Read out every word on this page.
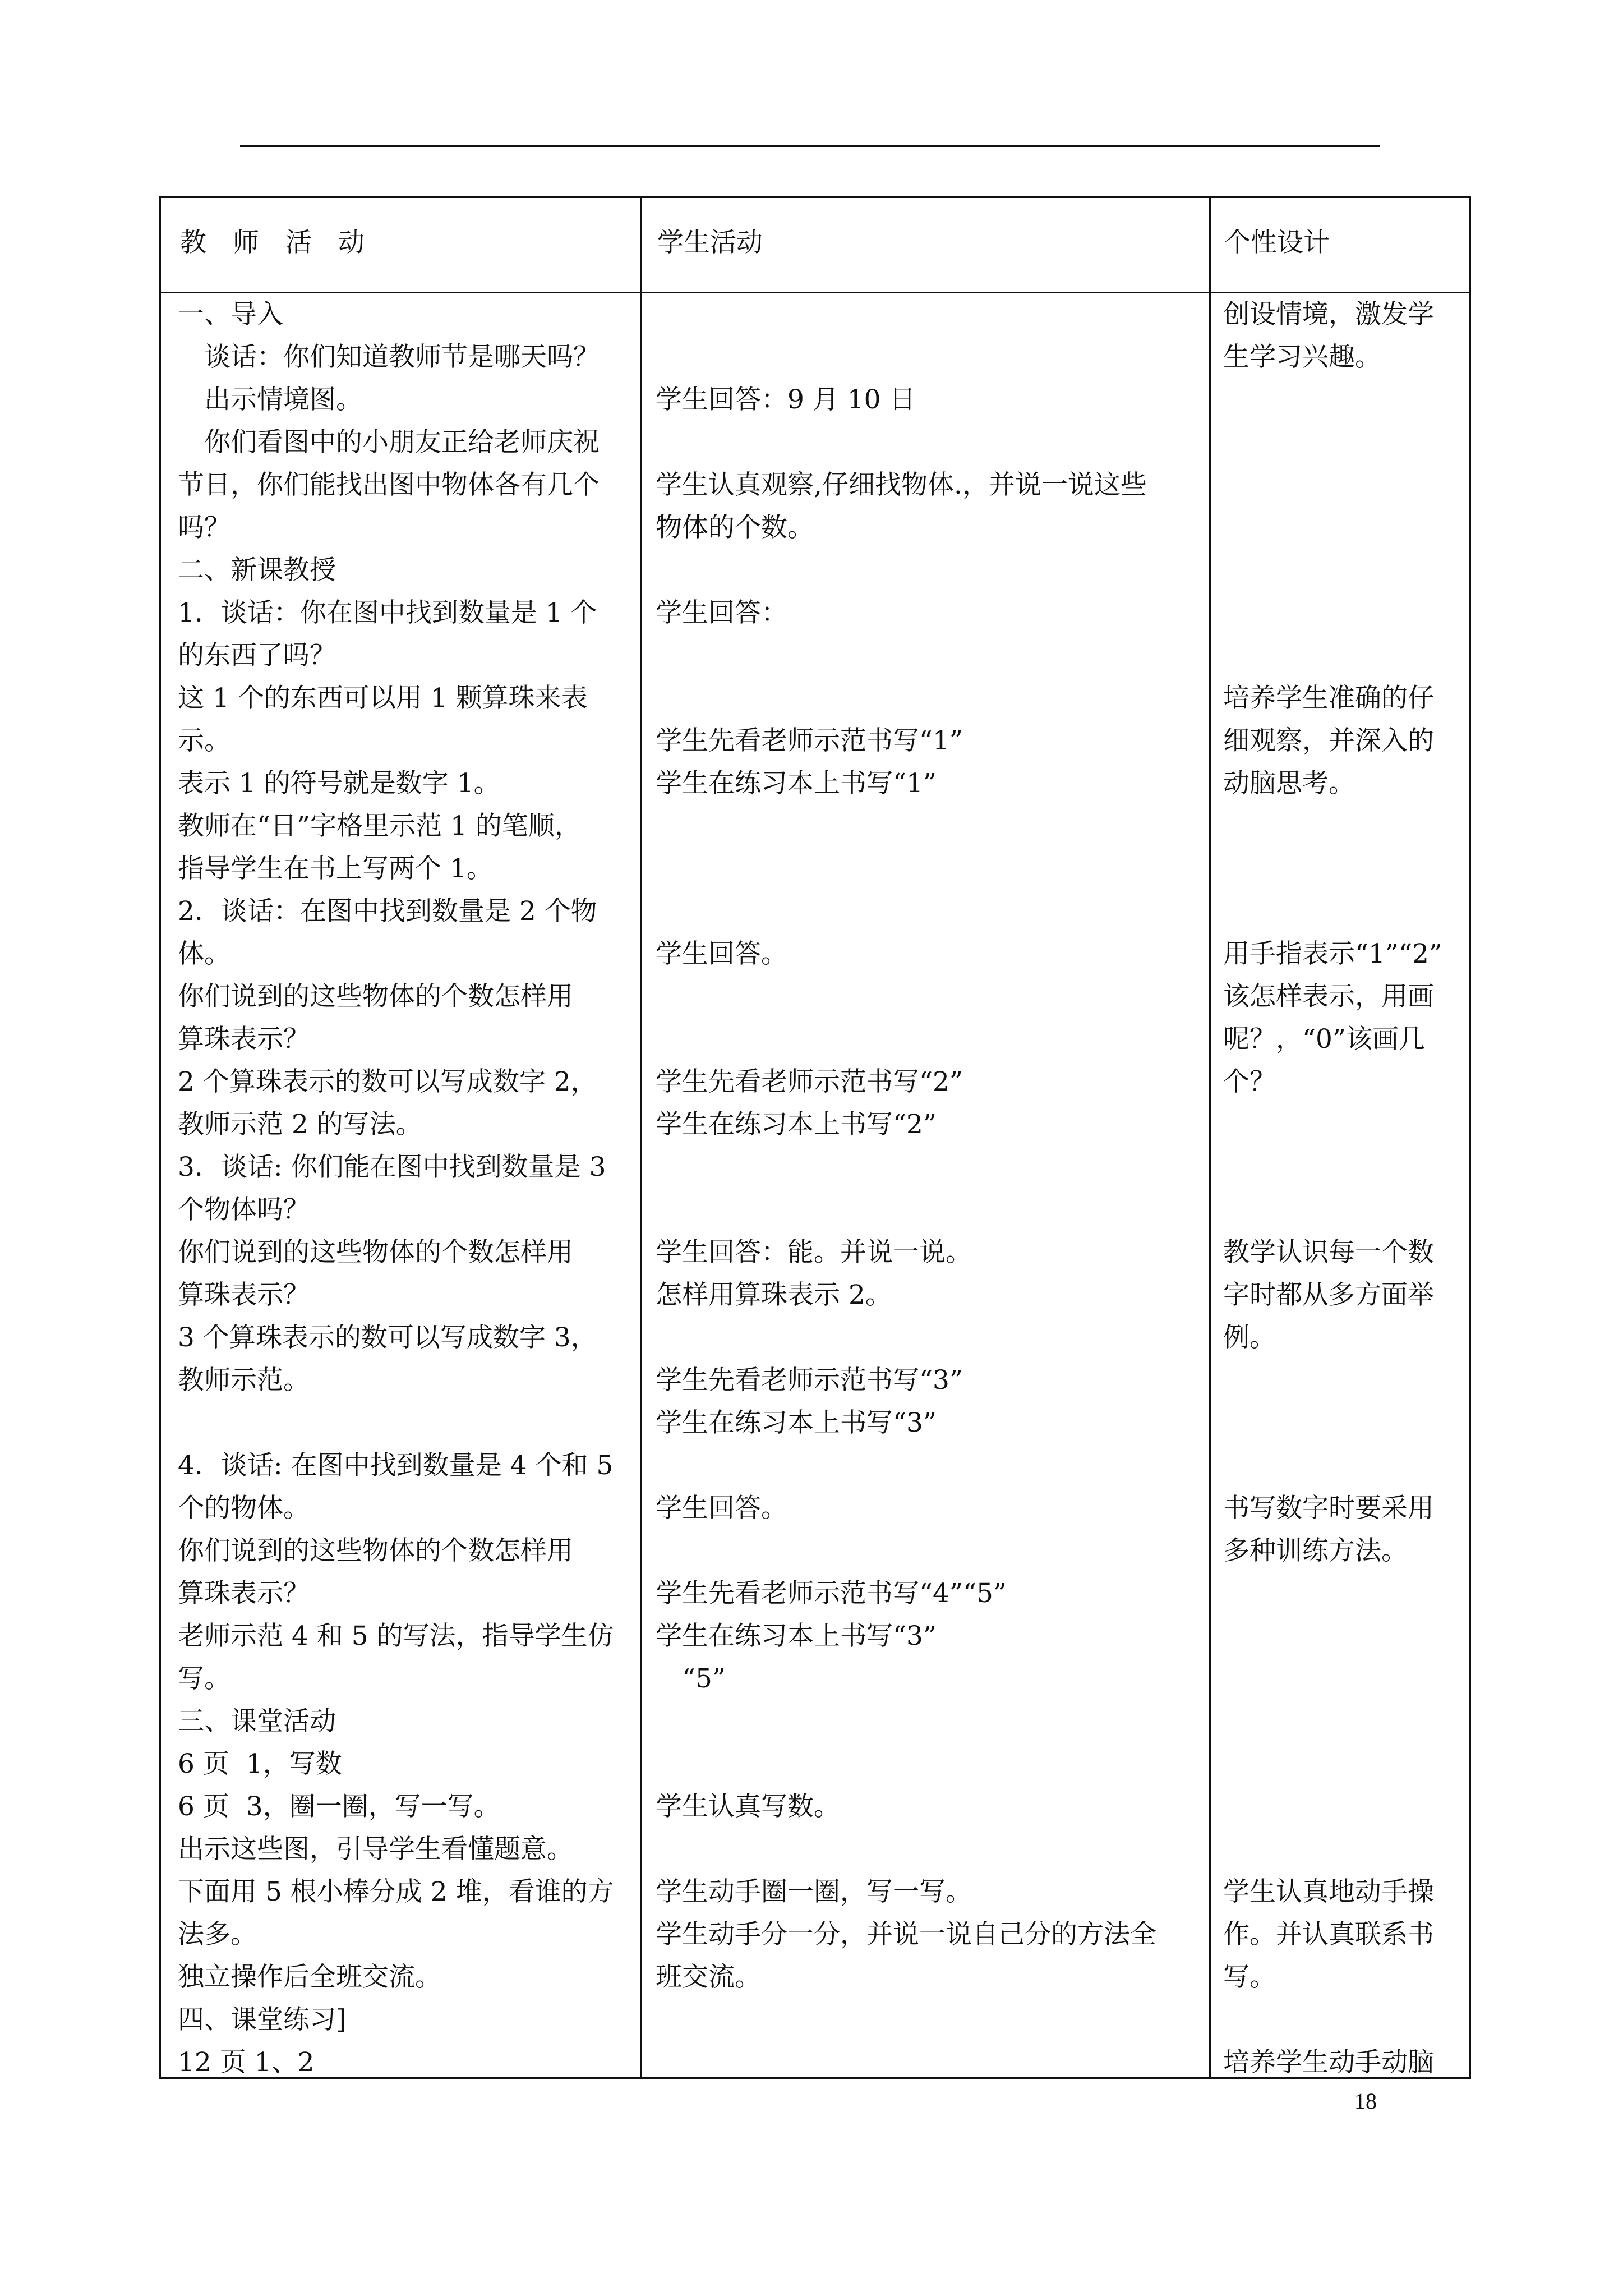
教　师　活　动	学生活动	个性设计
一、导入
　谈话：你们知道教师节是哪天吗？
　出示情境图。
　你们看图中的小朋友正给老师庆祝
节日，你们能找出图中物体各有几个
吗？
二、新课教授
1．谈话：你在图中找到数量是 1 个
的东西了吗？
这 1 个的东西可以用 1 颗算珠来表
示。
表示 1 的符号就是数字 1。
教师在“日”字格里示范 1 的笔顺，
指导学生在书上写两个 1。
2．谈话：在图中找到数量是 2 个物
体。
你们说到的这些物体的个数怎样用
算珠表示？
2 个算珠表示的数可以写成数字 2，
教师示范 2 的写法。
3．谈话: 你们能在图中找到数量是 3
个物体吗？
你们说到的这些物体的个数怎样用
算珠表示？
3 个算珠表示的数可以写成数字 3，
教师示范。
4．谈话: 在图中找到数量是 4 个和 5
个的物体。
你们说到的这些物体的个数怎样用
算珠表示？
老师示范 4 和 5 的写法，指导学生仿
写。
三、课堂活动
6 页  1，写数
6 页  3，圈一圈，写一写。
出示这些图，引导学生看懂题意。
下面用 5 根小棒分成 2 堆，看谁的方
法多。
独立操作后全班交流。
四、课堂练习]
12 页 1、2
学生回答：9 月 10 日
学生认真观察,仔细找物体.，并说一说这些
物体的个数。
学生回答：
学生先看老师示范书写“1”
学生在练习本上书写“1”
学生回答。
学生先看老师示范书写“2”
学生在练习本上书写“2”
学生回答：能。并说一说。
怎样用算珠表示 2。
学生先看老师示范书写“3”
学生在练习本上书写“3”
学生回答。
学生先看老师示范书写“4”“5”
学生在练习本上书写“3”
　“5”
学生认真写数。
学生动手圈一圈，写一写。
学生动手分一分，并说一说自己分的方法全
班交流。
创设情境，激发学
生学习兴趣。
培养学生准确的仔
细观察，并深入的
动脑思考。
用手指表示“1”“2”
该怎样表示，用画
呢？，“0”该画几
个？
教学认识每一个数
字时都从多方面举
例。
书写数字时要采用
多种训练方法。
学生认真地动手操
作。并认真联系书
写。
培养学生动手动脑
18
